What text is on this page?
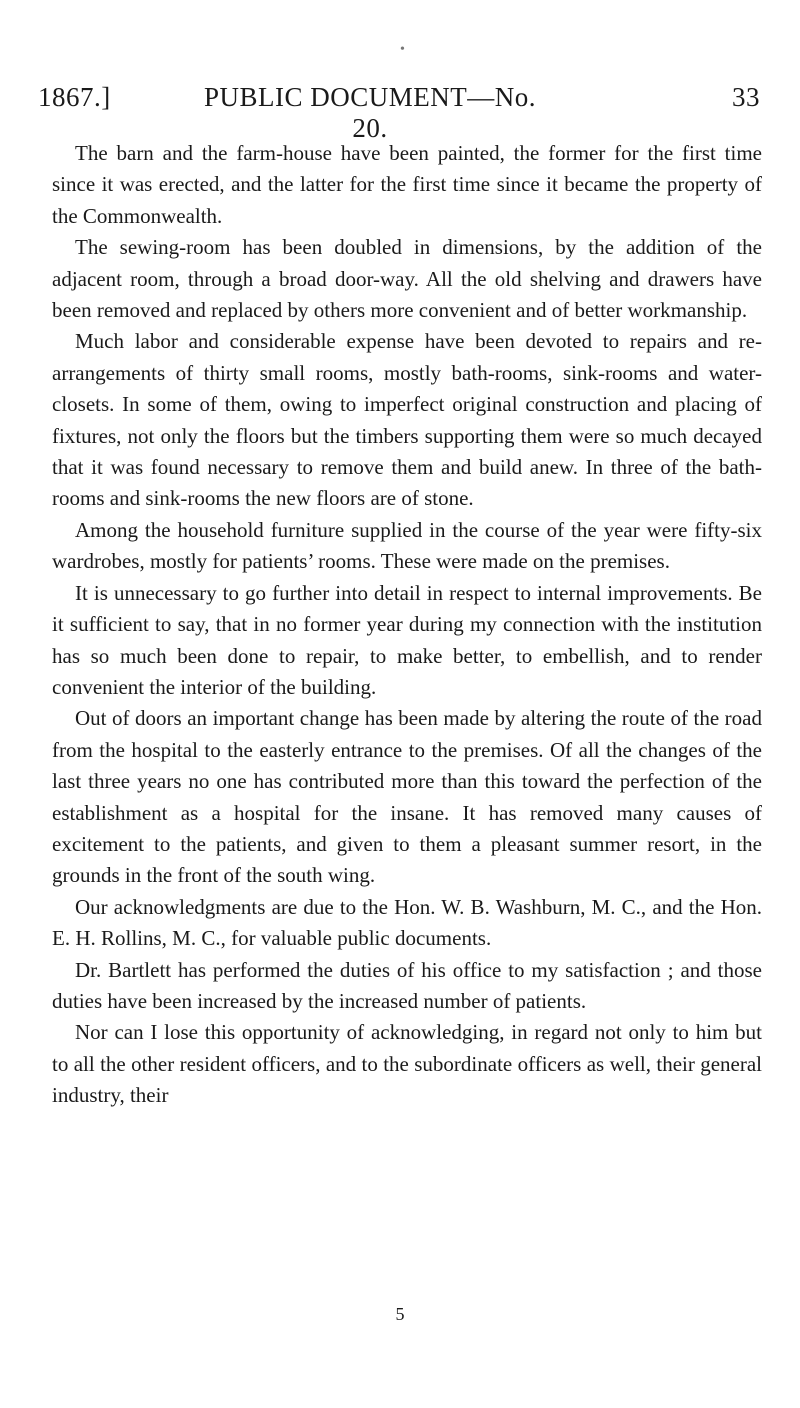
•
1867.]	PUBLIC DOCUMENT—No. 20.
33

The barn and the farm-house have been painted, the former for the first time since it was erected, and the latter for the first time since it became the property of the Commonwealth.

The sewing-room has been doubled in dimensions, by the addition of the adjacent room, through a broad door-way. All the old shelving and drawers have been removed and replaced by others more convenient and of better workmanship.

Much labor and considerable expense have been devoted to repairs and re-arrangements of thirty small rooms, mostly bath-rooms, sink-rooms and water-closets. In some of them, owing to imperfect original construction and placing of fixtures, not only the floors but the timbers supporting them were so much decayed that it was found necessary to remove them and build anew. In three of the bath-rooms and sink-rooms the new floors are of stone.

Among the household furniture supplied in the course of the year were fifty-six wardrobes, mostly for patients’ rooms. These were made on the premises.

It is unnecessary to go further into detail in respect to internal improvements. Be it sufficient to say, that in no former year during my connection with the institution has so much been done to repair, to make better, to embellish, and to render convenient the interior of the building.

Out of doors an important change has been made by altering the route of the road from the hospital to the easterly entrance to the premises. Of all the changes of the last three years no one has contributed more than this toward the perfection of the establishment as a hospital for the insane. It has removed many causes of excitement to the patients, and given to them a pleasant summer resort, in the grounds in the front of the south wing.

Our acknowledgments are due to the Hon. W. B. Washburn, M. C., and the Hon. E. H. Rollins, M. C., for valuable public documents.

Dr. Bartlett has performed the duties of his office to my satisfaction ; and those duties have been increased by the increased number of patients.

Nor can I lose this opportunity of acknowledging, in regard not only to him but to all the other resident officers, and to the subordinate officers as well, their general industry, their

5
